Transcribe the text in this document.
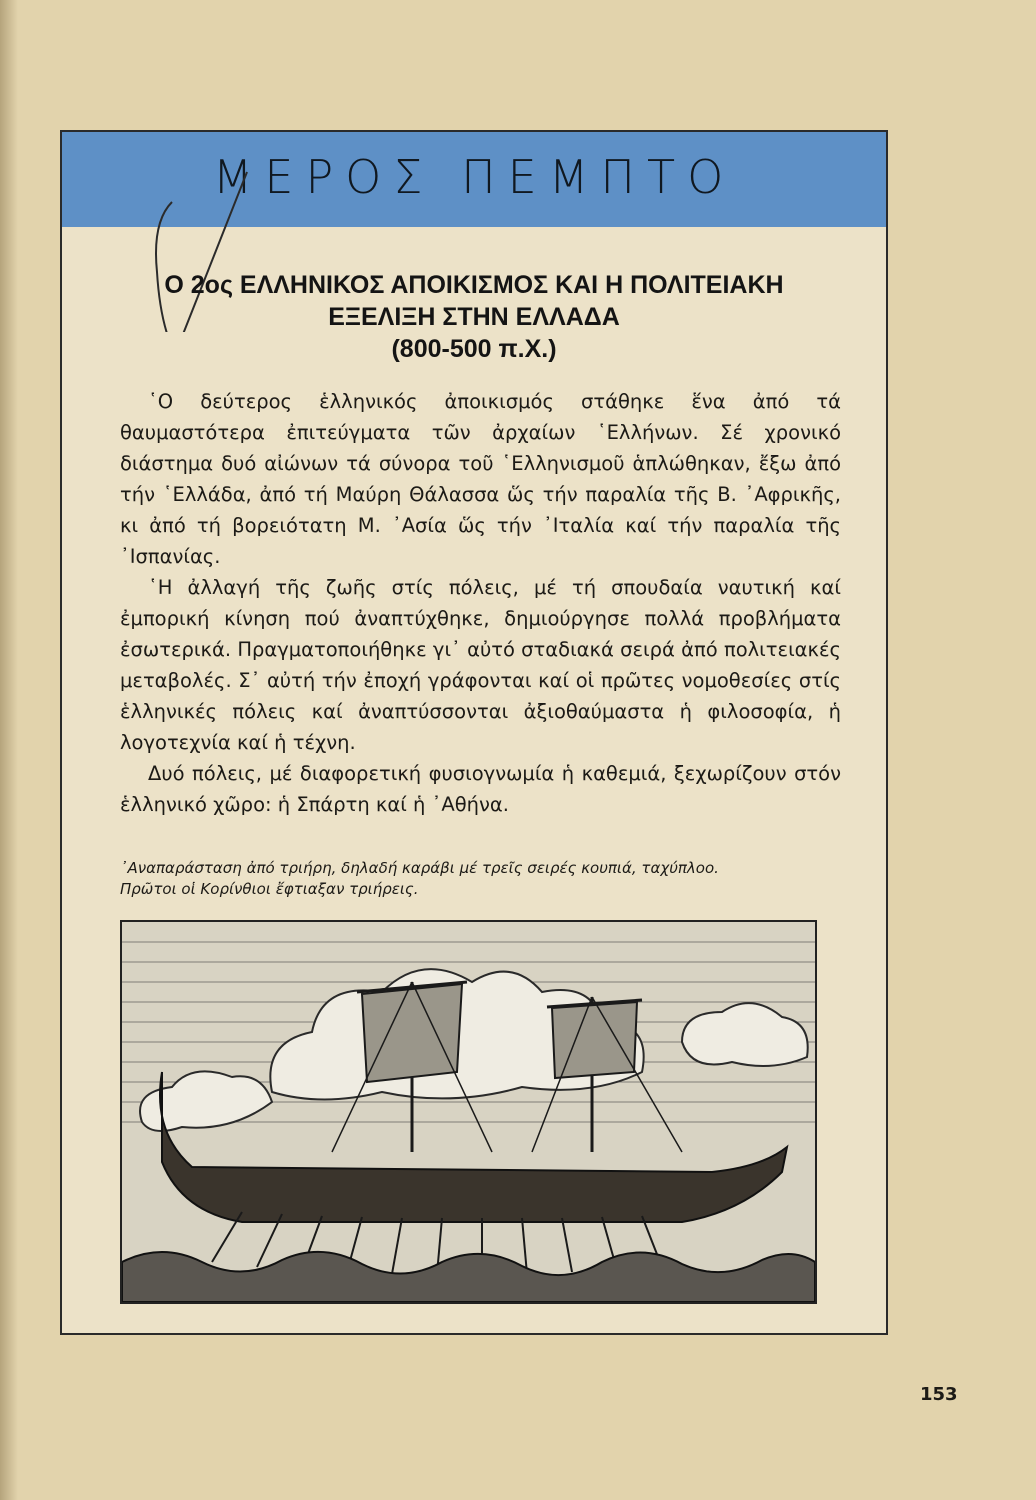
ΜΕΡΟΣ ΠΕΜΠΤΟ
Ο 2ος ΕΛΛΗΝΙΚΟΣ ΑΠΟΙΚΙΣΜΟΣ ΚΑΙ Η ΠΟΛΙΤΕΙΑΚΗ
ΕΞΕΛΙΞΗ ΣΤΗΝ ΕΛΛΑΔΑ
(800-500 π.Χ.)

῾Ο δεύτερος ἑλληνικός ἀποικισμός στάθηκε ἕνα ἀπό τά θαυμαστότερα ἐπιτεύγματα τῶν ἀρχαίων ῾Ελλήνων. Σέ χρονικό διάστημα δυό αἰώνων τά σύνορα τοῦ ῾Ελληνισμοῦ ἁπλώθηκαν, ἔξω ἀπό τήν ῾Ελλάδα, ἀπό τή Μαύρη Θάλασσα ὥς τήν παραλία τῆς Β. ᾿Αφρικῆς, κι ἀπό τή βορειότατη Μ. ᾿Ασία ὥς τήν ᾿Ιταλία καί τήν παραλία τῆς ᾿Ισπανίας.

῾Η ἀλλαγή τῆς ζωῆς στίς πόλεις, μέ τή σπουδαία ναυτική καί ἐμπορική κίνηση πού ἀναπτύχθηκε, δημιούργησε πολλά προβλήματα ἐσωτερικά. Πραγματοποιήθηκε γι᾿ αὐτό σταδιακά σειρά ἀπό πολιτειακές μεταβολές. Σ᾿ αὐτή τήν ἐποχή γράφονται καί οἱ πρῶτες νομοθεσίες στίς ἑλληνικές πόλεις καί ἀναπτύσσονται ἀξιοθαύμαστα ἡ φιλοσοφία, ἡ λογοτεχνία καί ἡ τέχνη.

Δυό πόλεις, μέ διαφορετική φυσιογνωμία ἡ καθεμιά, ξεχωρίζουν στόν ἑλληνικό χῶρο: ἡ Σπάρτη καί ἡ ᾿Αθήνα.

᾿Αναπαράσταση ἀπό τριήρη, δηλαδή καράβι μέ τρεῖς σειρές κουπιά, ταχύπλοο.
Πρῶτοι οἱ Κορίνθιοι ἔφτιαξαν τριήρεις.
153
